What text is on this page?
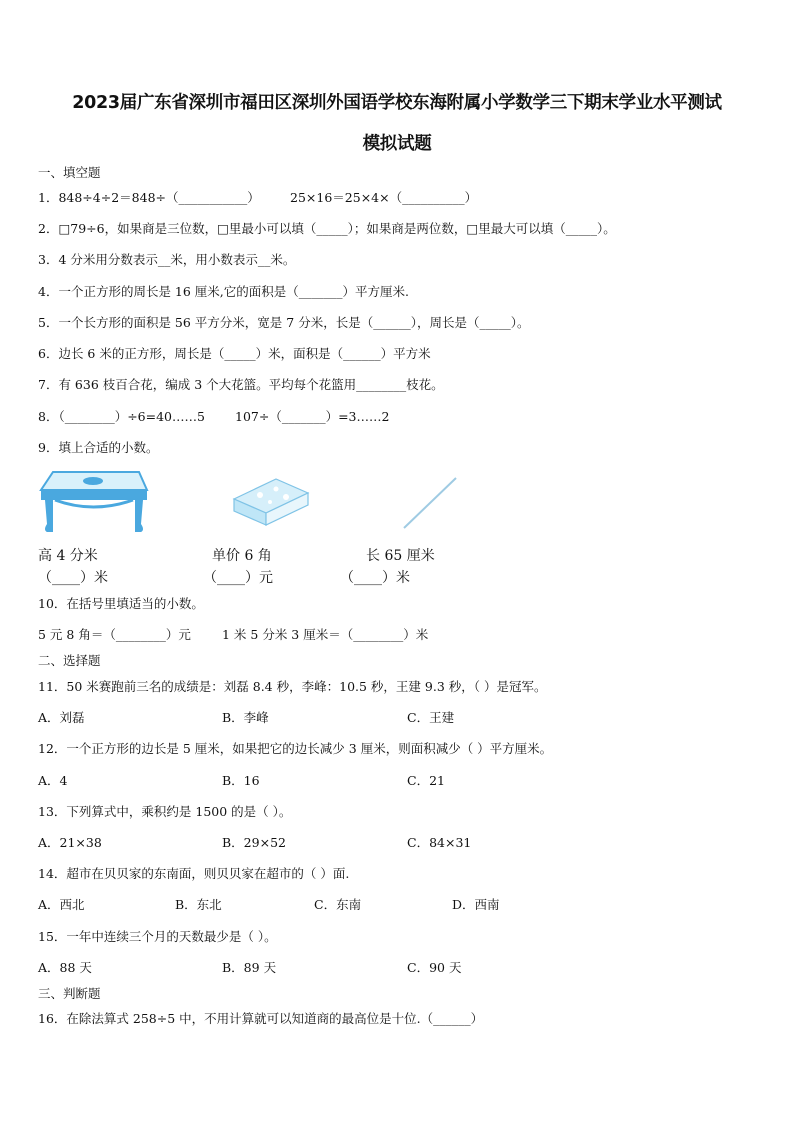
2023届广东省深圳市福田区深圳外国语学校东海附属小学数学三下期末学业水平测试
模拟试题
一、填空题
1．848÷4÷2＝848÷（___________） 25×16＝25×4×（__________）
2．□79÷6，如果商是三位数，□里最小可以填（_____）；如果商是两位数，□里最大可以填（_____）。
3．4 分米用分数表示__米，用小数表示__米。
4．一个正方形的周长是 16 厘米,它的面积是（_______）平方厘米.
5．一个长方形的面积是 56 平方分米，宽是 7 分米，长是（______），周长是（_____）。
6．边长 6 米的正方形，周长是（_____）米，面积是（______）平方米
7．有 636 枝百合花，编成 3 个大花篮。平均每个花篮用________枝花。
8．（________）÷6=40……5 107÷（_______）=3……2
9．填上合适的小数。
高 4 分米	单价 6 角	长 65 厘米
（____）米	（____）元	（____）米
10．在括号里填适当的小数。
5 元 8 角＝（________）元 1 米 5 分米 3 厘米＝（________）米
二、选择题
11．50 米赛跑前三名的成绩是：刘磊 8.4 秒，李峰：10.5 秒，王建 9.3 秒，（ ）是冠军。
A．刘磊	B．李峰	C．王建
12．一个正方形的边长是 5 厘米，如果把它的边长减少 3 厘米，则面积减少（ ）平方厘米。
A．4	B．16	C．21
13．下列算式中，乘积约是 1500 的是（ ）。
A．21×38	B．29×52	C．84×31
14．超市在贝贝家的东南面，则贝贝家在超市的（ ）面.
A．西北	B．东北	C．东南	D．西南
15．一年中连续三个月的天数最少是（ ）。
A．88 天	B．89 天	C．90 天
三、判断题
16．在除法算式 258÷5 中，不用计算就可以知道商的最高位是十位.（______）
